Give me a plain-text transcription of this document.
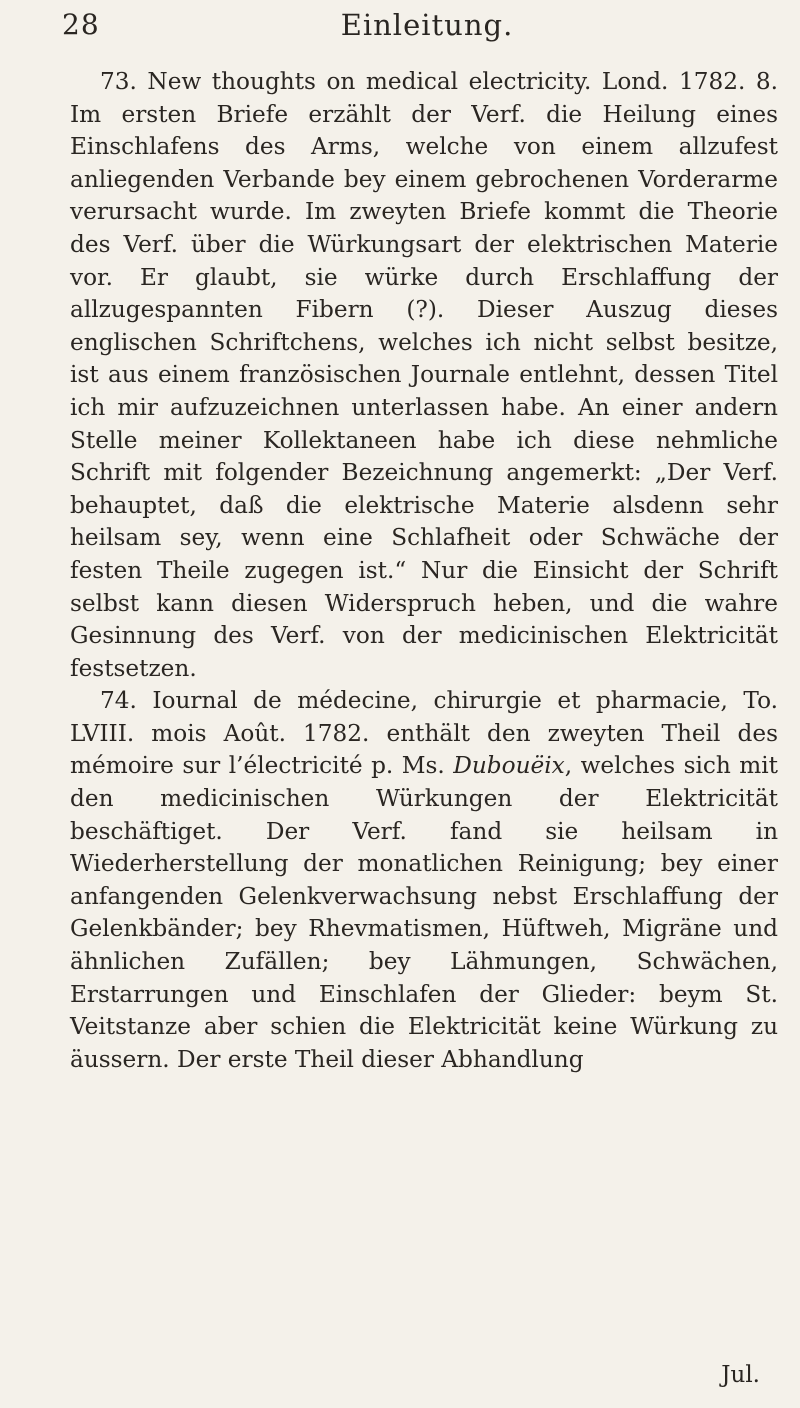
28	Einleitung.

73. New thoughts on medical electricity. Lond. 1782. 8. Im ersten Briefe erzählt der Verf. die Heilung eines Einschlafens des Arms, welche von einem allzufest anliegenden Verbande bey einem gebrochenen Vorderarme verursacht wurde. Im zweyten Briefe kommt die Theorie des Verf. über die Würkungsart der elektrischen Materie vor. Er glaubt, sie würke durch Erschlaffung der allzugespannten Fibern (?). Dieser Auszug dieses englischen Schriftchens, welches ich nicht selbst besitze, ist aus einem französischen Journale entlehnt, dessen Titel ich mir aufzuzeichnen unterlassen habe. An einer andern Stelle meiner Kollektaneen habe ich diese nehmliche Schrift mit folgender Bezeichnung angemerkt: „Der Verf. behauptet, daß die elektrische Materie alsdenn sehr heilsam sey, wenn eine Schlafheit oder Schwäche der festen Theile zugegen ist.“ Nur die Einsicht der Schrift selbst kann diesen Widerspruch heben, und die wahre Gesinnung des Verf. von der medicinischen Elektricität festsetzen.

74. Iournal de médecine, chirurgie et pharmacie, To. LVIII. mois Août. 1782. enthält den zweyten Theil des mémoire sur l’électricité p. Ms. Dubouëix, welches sich mit den medicinischen Würkungen der Elektricität beschäftiget. Der Verf. fand sie heilsam in Wiederherstellung der monatlichen Reinigung; bey einer anfangenden Gelenkverwachsung nebst Erschlaffung der Gelenkbänder; bey Rhevmatismen, Hüftweh, Migräne und ähnlichen Zufällen; bey Lähmungen, Schwächen, Erstarrungen und Einschlafen der Glieder: beym St. Veitstanze aber schien die Elektricität keine Würkung zu äussern. Der erste Theil dieser Abhandlung

Jul.
